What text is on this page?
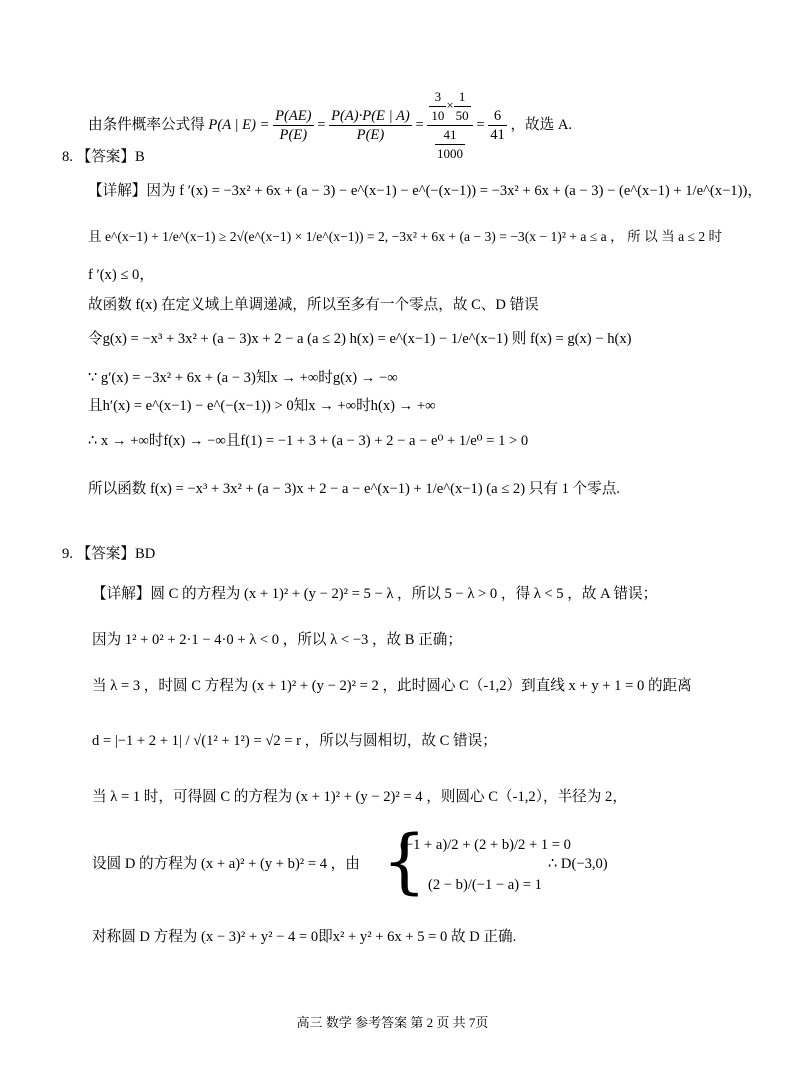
由条件概率公式得 P(A | $E) = \frac{P(AE)}{P(E)} = \frac{P(A)\cdot P(E | A)}{P(E)} = \frac{\frac{3}{10} \times \frac{1}{50}}{\frac{41}{1000}} = \frac{6}{41}$ ，故选 A.
8. 【答案】B
【详解】因为 f ′(x) = −3x² + 6x + (a − 3) − e^(x−1) − e^(−(x−1)) = −3x² + 6x + (a − 3) − (e^(x−1) + 1/e^(x−1))，
且 e^(x−1) + 1/e^(x−1) ≥ 2√(e^(x−1) × 1/e^(x−1)) = 2, −3x² + 6x + (a − 3) = −3(x − 1)² + a ≤ a ， 所 以 当 a ≤ 2 时
f ′(x) ≤ 0，
故函数 f(x) 在定义域上单调递减，所以至多有一个零点，故 C、D 错误
令g(x) = −x³ + 3x² + (a − 3)x + 2 − a (a ≤ 2) h(x) = e^(x−1) − 1/e^(x−1) 则 f(x) = g(x) − h(x)
∵ g′(x) = −3x² + 6x + (a − 3)知x → +∞时g(x) → −∞
且h′(x) = e^(x−1) − e^(−(x−1)) > 0知x → +∞时h(x) → +∞
∴ x → +∞时f(x) → −∞且f(1) = −1 + 3 + (a − 3) + 2 − a − e⁰ + 1/e⁰ = 1 > 0
所以函数 f(x) = −x³ + 3x² + (a − 3)x + 2 − a − e^(x−1) + 1/e^(x−1) (a ≤ 2) 只有 1 个零点.
9. 【答案】BD
【详解】圆 C 的方程为 (x + 1)² + (y − 2)² = 5 − λ ，所以 5 − λ > 0 ，得 λ < 5 ，故 A 错误；
因为 1² + 0² + 2·1 − 4·0 + λ < 0 ，所以 λ < −3 ，故 B 正确；
当 λ = 3 ，时圆 C 方程为 (x + 1)² + (y − 2)² = 2 ，此时圆心 C（-1,2）到直线 x + y + 1 = 0 的距离
d = |−1 + 2 + 1| / √(1² + 1²) = √2 = r ，所以与圆相切，故 C 错误；
当 λ = 1 时，可得圆 C 的方程为 (x + 1)² + (y − 2)² = 4 ，则圆心 C（-1,2），半径为 2，
设圆 D 的方程为 (x + a)² + (y + b)² = 4 ，由 {
(−1 + a)/2 + (2 + b)/2 + 1 = 0
(2 − b)/(−1 − a) = 1
∴ D(−3,0)
对称圆 D 方程为 (x − 3)² + y² − 4 = 0即x² + y² + 6x + 5 = 0 故 D 正确.
高三 数学 参考答案 第 2 页 共 7页
